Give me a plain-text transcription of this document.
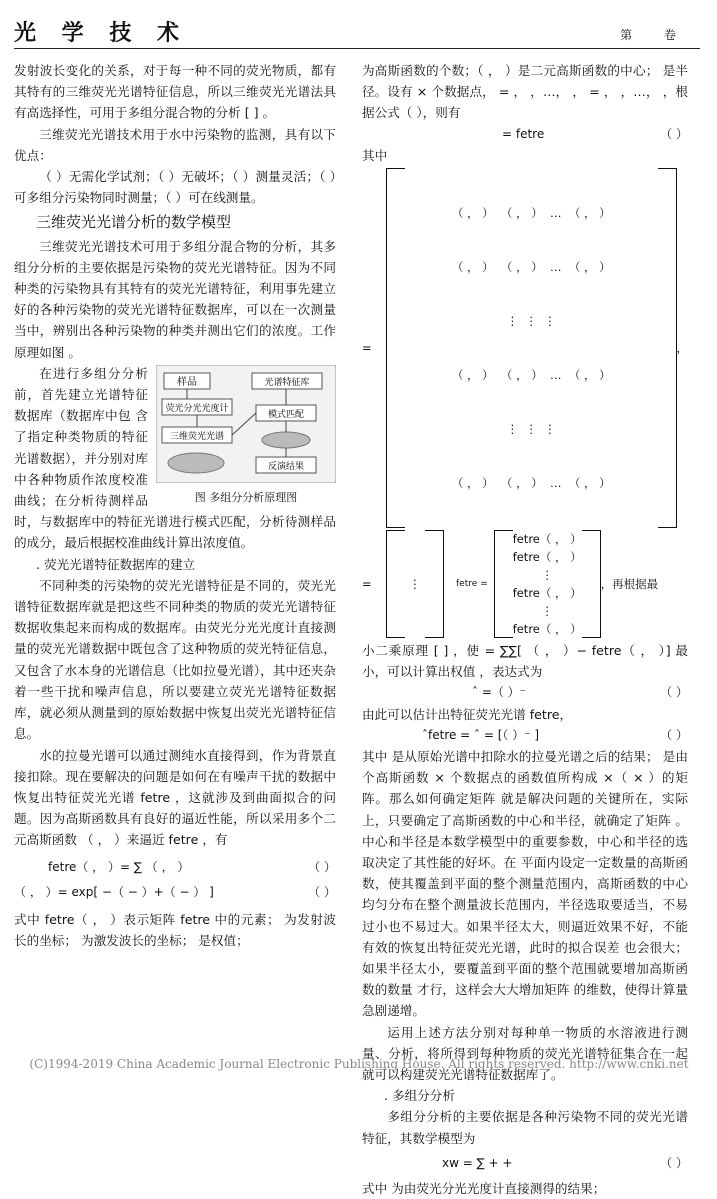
光 学 技 术	第 卷

发射波长变化的关系，对于每一种不同的荧光物质，都有其特有的三维荧光光谱特征信息，所以三维荧光光谱法具有高选择性，可用于多组分混合物的分析 [ ] 。

三维荧光光谱技术用于水中污染物的监测，具有以下优点：

（ ）无需化学试剂；（ ）无破坏；（ ）测量灵活；（ ）可多组分污染物同时测量；（ ）可在线测量。

三维荧光光谱分析的数学模型

三维荧光光谱技术可用于多组分混合物的分析，其多组分分析的主要依据是污染物的荧光光谱特征。因为不同种类的污染物具有其特有的荧光光谱特征，利用事先建立好的各种污染物的荧光光谱特征数据库，可以在一次测量当中，辨别出各种污染物的种类并测出它们的浓度。工作原理如图 。

样品
荧光分光光度计
三维荧光光谱
光谱特征库
模式匹配
反演结果
图 多组分分析原理图

在进行多组分分析前，首先建立光谱特征数据库（数据库中包 含了指定种类物质的特征光谱数据），并分别对库中各种物质作浓度校准曲线；在分析待测样品时，与数据库中的特征光谱进行模式匹配，分析待测样品的成分，最后根据校准曲线计算出浓度值。

. 荧光光谱特征数据库的建立

不同种类的污染物的荧光光谱特征是不同的，荧光光谱特征数据库就是把这些不同种类的物质的荧光光谱特征数据收集起来而构成的数据库。由荧光分光光度计直接测量的荧光光谱数据中既包含了这种物质的荧光特征信息，又包含了水本身的光谱信息（比如拉曼光谱），其中还夹杂着一些干扰和噪声信息，所以要建立荧光光谱特征数据库，就必须从测量到的原始数据中恢复出荧光光谱特征信息。

水的拉曼光谱可以通过测纯水直接得到，作为背景直接扣除。现在要解决的问题是如何在有噪声干扰的数据中恢复出特征荧光光谱 fetre ，这就涉及到曲面拟合的问题。因为高斯函数具有良好的逼近性能，所以采用多个二元高斯函数 （ ， ）来逼近 fetre ，有

fetre（ ， ）= ∑ （ ， ）	（ ）
（ ， ）= exp[ −（ − ）+（ − ） ]	（ ）

式中 fetre（ ， ）表示矩阵 fetre 中的元素； 为发射波长的坐标； 为激发波长的坐标； 是权值；

为高斯函数的个数；（ ， ）是二元高斯函数的中心； 是半径。设有 × 个数据点， = ， ，…， ， = ， ，…， ，根据公式（ ），则有

= fetre	（ ）

其中

=

（ ， ）  （ ， ）  …  （ ， ）

（ ， ）  （ ， ）  …  （ ， ）

⋮  ⋮  ⋮

（ ， ）  （ ， ）  …  （ ， ）

⋮  ⋮  ⋮

（ ， ）  （ ， ）  …  （ ， ）

，
=	⋮	fetre =
fetre（ ， ）
fetre（ ， ）
⋮
fetre（ ， ）
⋮
fetre（ ， ）
，再根据最

小二乘原理 [ ] ，使 = ∑∑[ （ ， ）− fetre（ ， ）] 最小，可以计算出权值 ，表达式为

ˆ =（ ）⁻	（ ）

由此可以估计出特征荧光光谱 fetre，

ˆfetre = ˆ = [（ ）⁻ ]	（ ）

其中 是从原始光谱中扣除水的拉曼光谱之后的结果； 是由 个高斯函数 × 个数据点的函数值所构成 ×（ × ）的矩阵。那么如何确定矩阵 就是解决问题的关键所在，实际上，只要确定了高斯函数的中心和半径，就确定了矩阵 。中心和半径是本数学模型中的重要参数，中心和半径的选取决定了其性能的好坏。在 平面内设定一定数量的高斯函数，使其覆盖到平面的整个测量范围内，高斯函数的中心均匀分布在整个测量波长范围内，半径选取要适当，不易过小也不易过大。如果半径太大，则逼近效果不好，不能有效的恢复出特征荧光光谱，此时的拟合误差 也会很大；如果半径太小，要覆盖到平面的整个范围就要增加高斯函数的数量 才行，这样会大大增加矩阵 的维数，使得计算量急剧递增。

运用上述方法分别对每种单一物质的水溶液进行测量、分析，将所得到每种物质的荧光光谱特征集合在一起就可以构建荧光光谱特征数据库了。

. 多组分分析

多组分分析的主要依据是各种污染物不同的荧光光谱特征，其数学模型为

xw = ∑ + +	（ ）

式中 为由荧光分光光度计直接测得的结果；

(C)1994-2019 China Academic Journal Electronic Publishing House. All rights reserved. http://www.cnki.net
